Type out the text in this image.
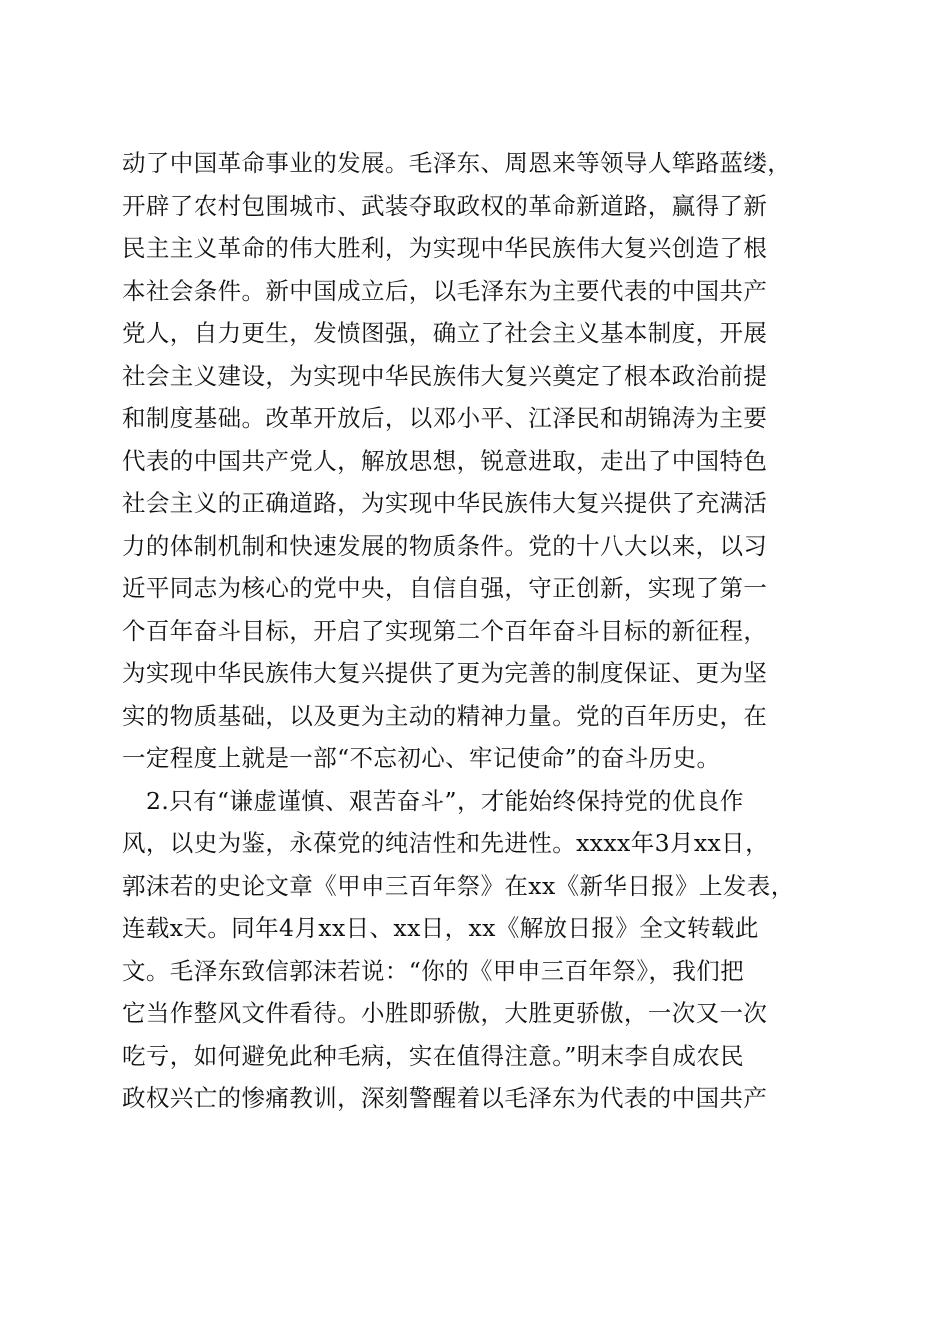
动了中国革命事业的发展。毛泽东、周恩来等领导人筚路蓝缕，
开辟了农村包围城市、武装夺取政权的革命新道路，赢得了新
民主主义革命的伟大胜利，为实现中华民族伟大复兴创造了根
本社会条件。新中国成立后，以毛泽东为主要代表的中国共产
党人，自力更生，发愤图强，确立了社会主义基本制度，开展
社会主义建设，为实现中华民族伟大复兴奠定了根本政治前提
和制度基础。改革开放后，以邓小平、江泽民和胡锦涛为主要
代表的中国共产党人，解放思想，锐意进取，走出了中国特色
社会主义的正确道路，为实现中华民族伟大复兴提供了充满活
力的体制机制和快速发展的物质条件。党的十八大以来，以习
近平同志为核心的党中央，自信自强，守正创新，实现了第一
个百年奋斗目标，开启了实现第二个百年奋斗目标的新征程，
为实现中华民族伟大复兴提供了更为完善的制度保证、更为坚
实的物质基础，以及更为主动的精神力量。党的百年历史，在
一定程度上就是一部“不忘初心、牢记使命”的奋斗历史。
2.只有“谦虚谨慎、艰苦奋斗”，才能始终保持党的优良作
风，以史为鉴，永葆党的纯洁性和先进性。xxxx年3月xx日，
郭沫若的史论文章《甲申三百年祭》在xx《新华日报》上发表，
连载x天。同年4月xx日、xx日，xx《解放日报》全文转载此
文。毛泽东致信郭沫若说：“你的《甲申三百年祭》，我们把
它当作整风文件看待。小胜即骄傲，大胜更骄傲，一次又一次
吃亏，如何避免此种毛病，实在值得注意。”明末李自成农民
政权兴亡的惨痛教训，深刻警醒着以毛泽东为代表的中国共产
